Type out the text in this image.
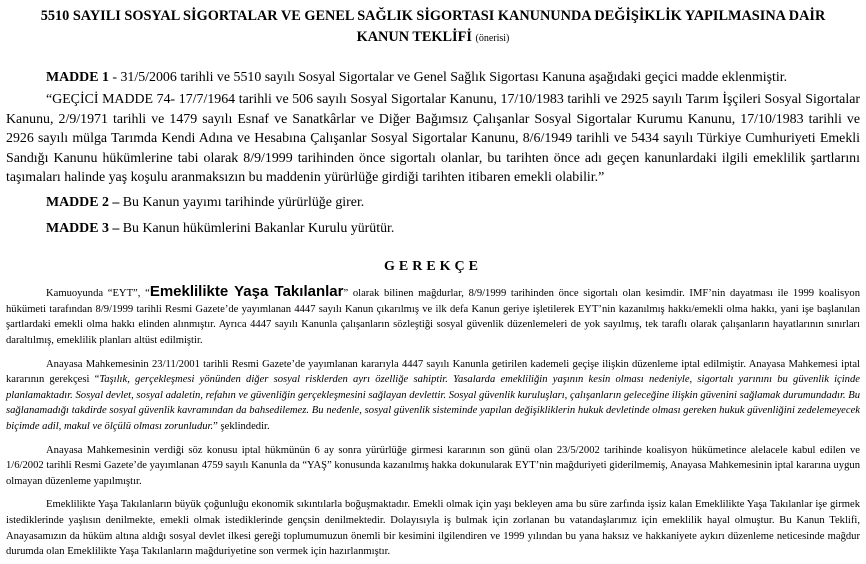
5510 SAYILI SOSYAL SİGORTALAR VE GENEL SAĞLIK SİGORTASI KANUNUNDA DEĞİŞİKLİK YAPILMASINA DAİR
KANUN TEKLİFİ (önerisi)
MADDE 1 - 31/5/2006 tarihli ve 5510 sayılı Sosyal Sigortalar ve Genel Sağlık Sigortası Kanuna aşağıdaki geçici madde eklenmiştir.
“GEÇİCİ MADDE 74- 17/7/1964 tarihli ve 506 sayılı Sosyal Sigortalar Kanunu, 17/10/1983 tarihli ve 2925 sayılı Tarım İşçileri Sosyal Sigortalar Kanunu, 2/9/1971 tarihli ve 1479 sayılı Esnaf ve Sanatkârlar ve Diğer Bağımsız Çalışanlar Sosyal Sigortalar Kurumu Kanunu, 17/10/1983 tarihli ve 2926 sayılı mülga Tarımda Kendi Adına ve Hesabına Çalışanlar Sosyal Sigortalar Kanunu, 8/6/1949 tarihli ve 5434 sayılı Türkiye Cumhuriyeti Emekli Sandığı Kanunu hükümlerine tabi olarak 8/9/1999 tarihinden önce sigortalı olanlar, bu tarihten önce adı geçen kanunlardaki ilgili emeklilik şartlarını taşımaları halinde yaş koşulu aranmaksızın bu maddenin yürürlüğe girdiği tarihten itibaren emekli olabilir.”
MADDE 2 – Bu Kanun yayımı tarihinde yürürlüğe girer.
MADDE 3 – Bu Kanun hükümlerini Bakanlar Kurulu yürütür.
GEREKÇE
Kamuoyunda “EYT”, “Emeklilikte Yaşa Takılanlar” olarak bilinen mağdurlar, 8/9/1999 tarihinden önce sigortalı olan kesimdir. IMF’nin dayatması ile 1999 koalisyon hükümeti tarafından 8/9/1999 tarihli Resmi Gazete’de yayımlanan 4447 sayılı Kanun çıkarılmış ve ilk defa Kanun geriye işletilerek EYT’nin kazanılmış hakkı/emekli olma hakkı, yani işe başlanılan şartlardaki emekli olma hakkı elinden alınmıştır. Ayrıca 4447 sayılı Kanunla çalışanların sözleştiği sosyal güvenlik düzenlemeleri de yok sayılmış, tek taraflı olarak çalışanların hayatlarının sınırları daraltılmış, emeklilik planları altüst edilmiştir.
Anayasa Mahkemesinin 23/11/2001 tarihli Resmi Gazete’de yayımlanan kararıyla 4447 sayılı Kanunla getirilen kademeli geçişe ilişkin düzenleme iptal edilmiştir. Anayasa Mahkemesi iptal kararının gerekçesi “Taşılık, gerçekleşmesi yönünden diğer sosyal risklerden ayrı özelliğe sahiptir. Yasalarda emekliliğin yaşının kesin olması nedeniyle, sigortalı yarınını bu güvenlik içinde planlamaktadır. Sosyal devlet, sosyal adaletin, refahın ve güvenliğin gerçekleşmesini sağlayan devlettir. Sosyal güvenlik kuruluşları, çalışanların geleceğine ilişkin güvenini sağlamak durumundadır. Bu sağlanamadığı takdirde sosyal güvenlik kavramından da bahsedilemez. Bu nedenle, sosyal güvenlik sisteminde yapılan değişikliklerin hukuk devletinde olması gereken hukuk güvenliğini zedelemeyecek biçimde adil, makul ve ölçülü olması zorunludur.” şeklindedir.
Anayasa Mahkemesinin verdiği söz konusu iptal hükmünün 6 ay sonra yürürlüğe girmesi kararının son günü olan 23/5/2002 tarihinde koalisyon hükümetince alelacele kabul edilen ve 1/6/2002 tarihli Resmi Gazete’de yayımlanan 4759 sayılı Kanunla da “YAŞ” konusunda kazanılmış hakka dokunularak EYT’nin mağduriyeti giderilmemiş, Anayasa Mahkemesinin iptal kararına uygun olmayan düzenleme yapılmıştır.
Emeklilikte Yaşa Takılanların büyük çoğunluğu ekonomik sıkıntılarla boğuşmaktadır. Emekli olmak için yaşı bekleyen ama bu süre zarfında işsiz kalan Emeklilikte Yaşa Takılanlar işe girmek istediklerinde yaşlısın denilmekte, emekli olmak istediklerinde gençsin denilmektedir. Dolayısıyla iş bulmak için zorlanan bu vatandaşlarımız için emeklilik hayal olmuştur. Bu Kanun Teklifi, Anayasamızın da hüküm altına aldığı sosyal devlet ilkesi gereği toplumumuzun önemli bir kesimini ilgilendiren ve 1999 yılından bu yana haksız ve hakkaniyete aykırı düzenleme neticesinde mağdur durumda olan Emeklilikte Yaşa Takılanların mağduriyetine son vermek için hazırlanmıştır.
